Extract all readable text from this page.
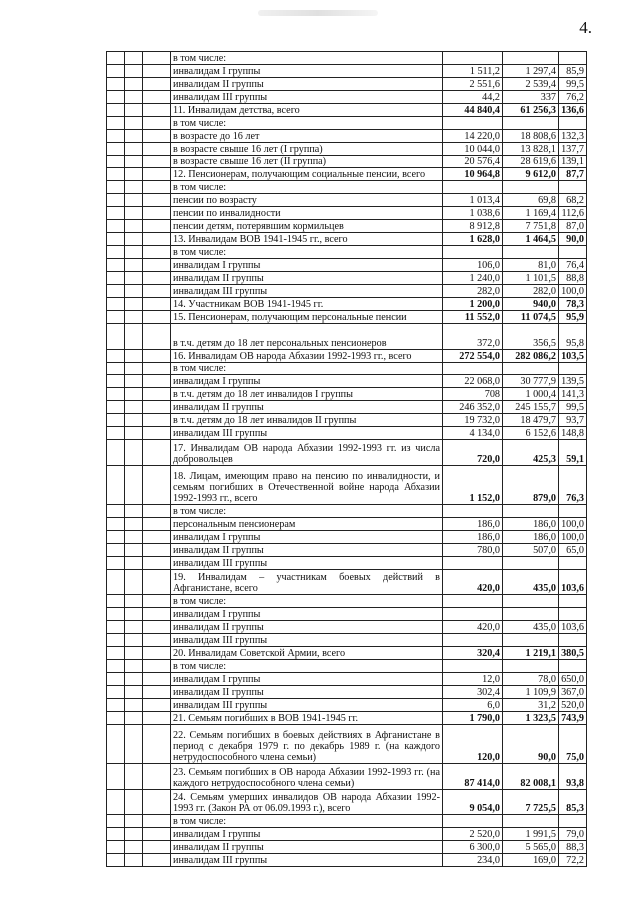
4.
			в том числе:			
			инвалидам I группы	1 511,2	1 297,4	85,9
			инвалидам II группы	2 551,6	2 539,4	99,5
			инвалидам III группы	44,2	337	76,2
			11. Инвалидам детства, всего	44 840,4	61 256,3	136,6
			в том числе:			
			в возрасте до 16 лет	14 220,0	18 808,6	132,3
			в возрасте свыше 16 лет (I группа)	10 044,0	13 828,1	137,7
			в возрасте свыше 16 лет (II группа)	20 576,4	28 619,6	139,1
			12. Пенсионерам, получающим социальные пенсии, всего	10 964,8	9 612,0	87,7
			в том числе:			
			пенсии по возрасту	1 013,4	69,8	68,2
			пенсии по инвалидности	1 038,6	1 169,4	112,6
			пенсии детям, потерявшим кормильцев	8 912,8	7 751,8	87,0
			13. Инвалидам ВОВ 1941-1945 гг., всего	1 628,0	1 464,5	90,0
			в том числе:			
			инвалидам I группы	106,0	81,0	76,4
			инвалидам II группы	1 240,0	1 101,5	88,8
			инвалидам III группы	282,0	282,0	100,0
			14. Участникам ВОВ 1941-1945 гг.	1 200,0	940,0	78,3
			15. Пенсионерам, получающим персональные пенсии	11 552,0	11 074,5	95,9
			в т.ч. детям до 18 лет персональных пенсионеров	372,0	356,5	95,8
			16. Инвалидам ОВ народа Абхазии 1992-1993 гг., всего	272 554,0	282 086,2	103,5
			в том числе:			
			инвалидам I группы	22 068,0	30 777,9	139,5
			в т.ч. детям до 18 лет инвалидов I группы	708	1 000,4	141,3
			инвалидам II группы	246 352,0	245 155,7	99,5
			в т.ч. детям до 18 лет инвалидов II группы	19 732,0	18 479,7	93,7
			инвалидам III группы	4 134,0	6 152,6	148,8
			17. Инвалидам ОВ народа Абхазии 1992-1993 гг. из числа добровольцев	720,0	425,3	59,1
			18. Лицам, имеющим право на пенсию по инвалидности, и семьям погибших в Отечественной войне народа Абхазии 1992-1993 гг., всего	1 152,0	879,0	76,3
			в том числе:			
			персональным пенсионерам	186,0	186,0	100,0
			инвалидам I группы	186,0	186,0	100,0
			инвалидам II группы	780,0	507,0	65,0
			инвалидам III группы			
			19. Инвалидам – участникам боевых действий в Афганистане, всего	420,0	435,0	103,6
			в том числе:			
			инвалидам I группы			
			инвалидам II группы	420,0	435,0	103,6
			инвалидам III группы			
			20. Инвалидам Советской Армии, всего	320,4	1 219,1	380,5
			в том числе:			
			инвалидам I группы	12,0	78,0	650,0
			инвалидам II группы	302,4	1 109,9	367,0
			инвалидам III группы	6,0	31,2	520,0
			21. Семьям погибших в ВОВ 1941-1945 гг.	1 790,0	1 323,5	743,9
			22. Семьям погибших в боевых действиях в Афганистане в период с декабря 1979 г. по декабрь 1989 г. (на каждого нетрудоспособного члена семьи)	120,0	90,0	75,0
			23. Семьям погибших в ОВ народа Абхазии 1992-1993 гг. (на каждого нетрудоспособного члена семьи)	87 414,0	82 008,1	93,8
			24. Семьям умерших инвалидов ОВ народа Абхазии 1992-1993 гг. (Закон РА от 06.09.1993 г.), всего	9 054,0	7 725,5	85,3
			в том числе:			
			инвалидам I группы	2 520,0	1 991,5	79,0
			инвалидам II группы	6 300,0	5 565,0	88,3
			инвалидам III группы	234,0	169,0	72,2
